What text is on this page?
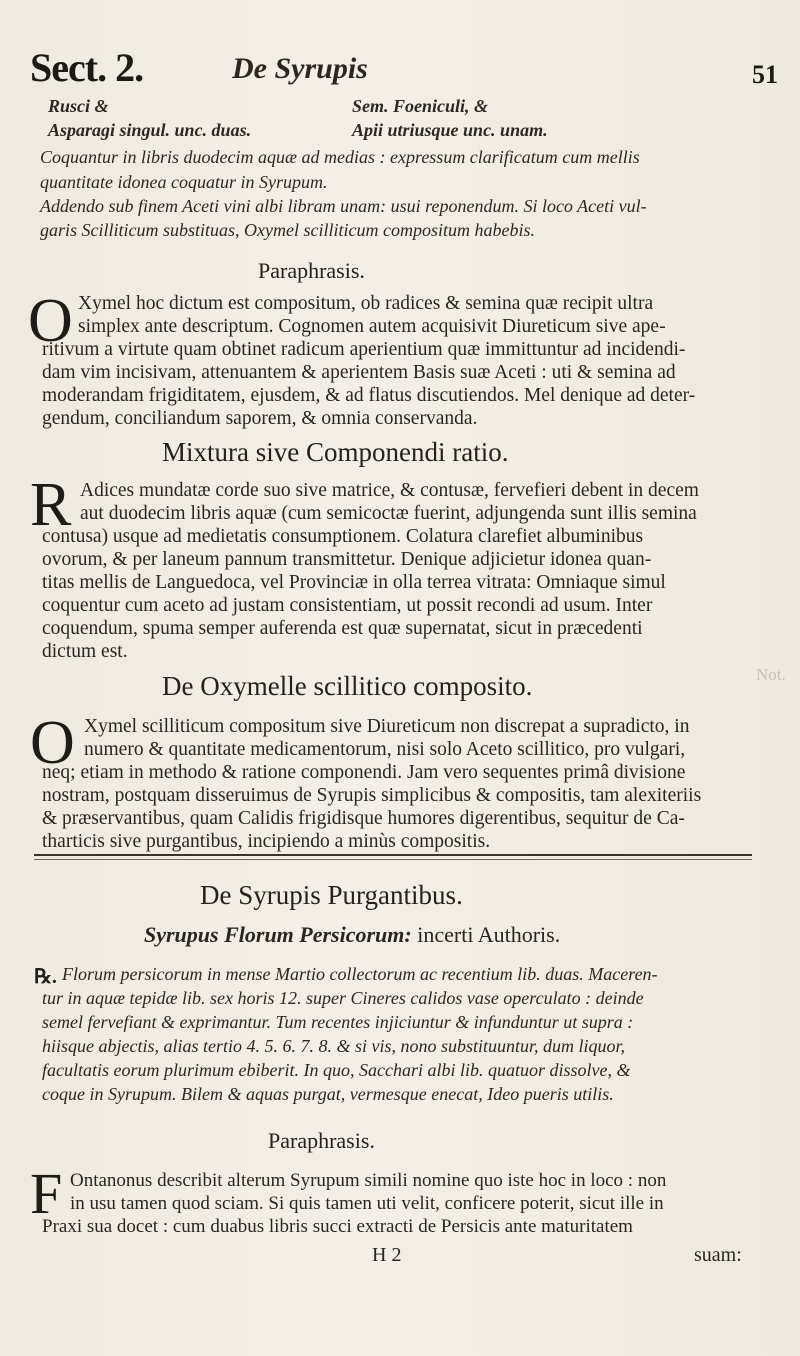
Sect. 2.	De Syrupis	51
Rusci &	Sem. Foeniculi, &
Asparagi singul. unc. duas.	Apii utriusque unc. unam.
Coquantur in libris duodecim aquæ ad medias : expressum clarificatum cum mellis
quantitate idonea coquatur in Syrupum.
Addendo sub finem Aceti vini albi libram unam: usui reponendum. Si loco Aceti vul-
garis Scilliticum substituas, Oxymel scilliticum compositum habebis.
Paraphrasis.
O Xymel hoc dictum est compositum, ob radices & semina quæ recipit ultra
simplex ante descriptum. Cognomen autem acquisivit Diureticum sive ape-
ritivum a virtute quam obtinet radicum aperientium quæ immittuntur ad incidendi-
dam vim incisivam, attenuantem & aperientem Basis suæ Aceti : uti & semina ad
moderandam frigiditatem, ejusdem, & ad flatus discutiendos. Mel denique ad deter-
gendum, conciliandum saporem, & omnia conservanda.
Mixtura sive Componendi ratio.
R Adices mundatæ corde suo sive matrice, & contusæ, fervefieri debent in decem
aut duodecim libris aquæ (cum semicoctæ fuerint, adjungenda sunt illis semina
contusa) usque ad medietatis consumptionem. Colatura clarefiet albuminibus
ovorum, & per laneum pannum transmittetur. Denique adjicietur idonea quan-
titas mellis de Languedoca, vel Provinciæ in olla terrea vitrata: Omniaque simul
coquentur cum aceto ad justam consistentiam, ut possit recondi ad usum. Inter
coquendum, spuma semper auferenda est quæ supernatat, sicut in præcedenti
dictum est.
Not.
De Oxymelle scillitico composito.
O Xymel scilliticum compositum sive Diureticum non discrepat a supradicto, in
numero & quantitate medicamentorum, nisi solo Aceto scillitico, pro vulgari,
neq; etiam in methodo & ratione componendi. Jam vero sequentes primâ divisione
nostram, postquam disseruimus de Syrupis simplicibus & compositis, tam alexiteriis
& præservantibus, quam Calidis frigidisque humores digerentibus, sequitur de Ca-
tharticis sive purgantibus, incipiendo a minùs compositis.
De Syrupis Purgantibus.
Syrupus Florum Persicorum: incerti Authoris.
℞. Florum persicorum in mense Martio collectorum ac recentium lib. duas. Maceren-
tur in aquæ tepidæ lib. sex horis 12. super Cineres calidos vase operculato : deinde
semel fervefiant & exprimantur. Tum recentes injiciuntur & infunduntur ut supra :
hiisque abjectis, alias tertio 4. 5. 6. 7. 8. & si vis, nono substituuntur, dum liquor,
facultatis eorum plurimum ebiberit. In quo, Sacchari albi lib. quatuor dissolve, &
coque in Syrupum. Bilem & aquas purgat, vermesque enecat, Ideo pueris utilis.
Paraphrasis.
F Ontanonus describit alterum Syrupum simili nomine quo iste hoc in loco : non
in usu tamen quod sciam. Si quis tamen uti velit, conficere poterit, sicut ille in
Praxi sua docet : cum duabus libris succi extracti de Persicis ante maturitatem
H 2	suam:
